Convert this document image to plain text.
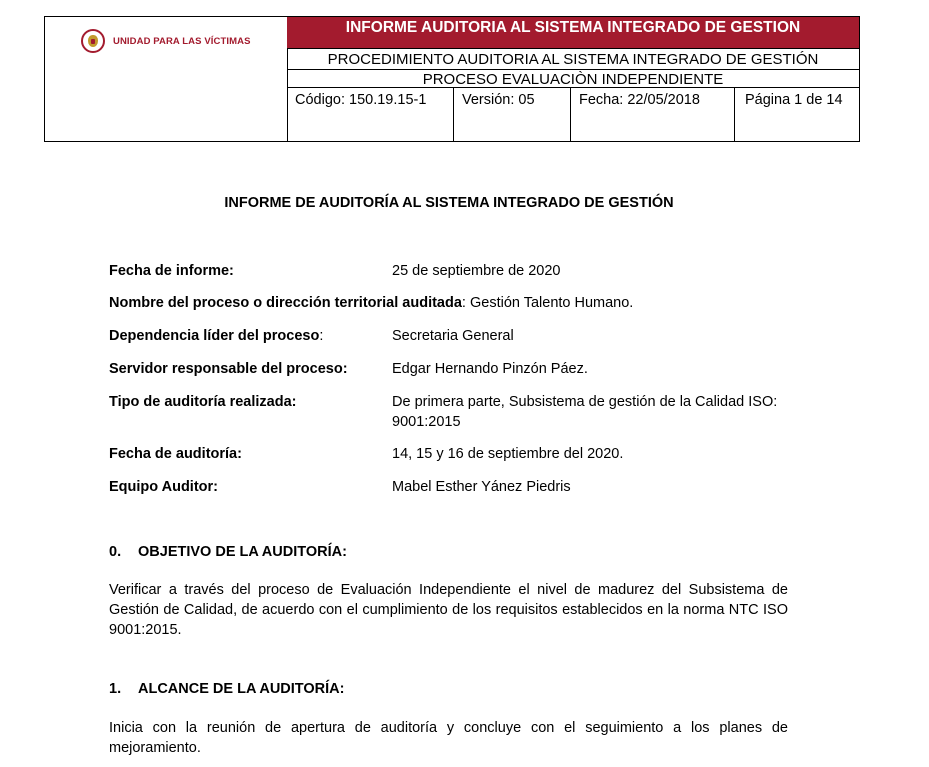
UNIDAD PARA LAS VÍCTIMAS
INFORME AUDITORIA AL SISTEMA INTEGRADO DE GESTION
PROCEDIMIENTO AUDITORIA AL SISTEMA INTEGRADO DE GESTIÓN
PROCESO EVALUACIÒN INDEPENDIENTE
Código: 150.19.15-1	Versión: 05	Fecha: 22/05/2018	Página 1 de 14
INFORME DE AUDITORÍA AL SISTEMA INTEGRADO DE GESTIÓN
Fecha de informe:	25 de septiembre de 2020
Nombre del proceso o dirección territorial auditada: Gestión Talento Humano.
Dependencia líder del proceso:	Secretaria General
Servidor responsable del proceso:	Edgar Hernando Pinzón Páez.
Tipo de auditoría realizada:	De primera parte, Subsistema de gestión de la Calidad ISO: 9001:2015
Fecha de auditoría:	14, 15 y 16 de septiembre del 2020.
Equipo Auditor:	Mabel Esther Yánez Piedris
0. OBJETIVO DE LA AUDITORÍA:
Verificar a través del proceso de Evaluación Independiente el nivel de madurez del Subsistema de Gestión de Calidad, de acuerdo con el cumplimiento de los requisitos establecidos en la norma NTC ISO 9001:2015.
1. ALCANCE DE LA AUDITORÍA:
Inicia con la reunión de apertura de auditoría y concluye con el seguimiento a los planes de mejoramiento.
